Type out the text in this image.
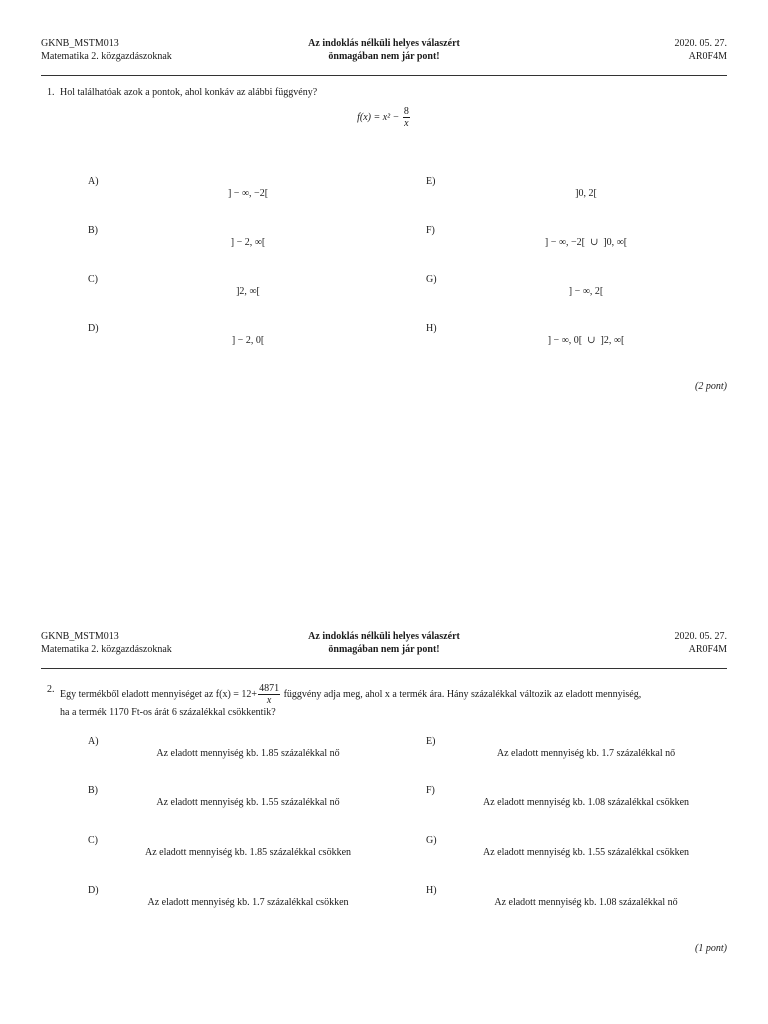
GKNB_MSTM013
Matematika 2. közgazdászoknak
Az indoklás nélküli helyes válaszért
önmagában nem jár pont!
2020. 05. 27.
AR0F4M
1. Hol találhatóak azok a pontok, ahol konkáv az alábbi függvény?
$f(x) = x^2 - \frac{8}{x}$
A)
] − ∞, −2[
B)
] − 2, ∞[
C)
]2, ∞[
D)
] − 2, 0[
E)
]0, 2[
F)
] − ∞, −2[  ∪  ]0, ∞[
G)
] − ∞, 2[
H)
] − ∞, 0[  ∪  ]2, ∞[
(2 pont)
GKNB_MSTM013
Matematika 2. közgazdászoknak
Az indoklás nélküli helyes válaszért
önmagában nem jár pont!
2020. 05. 27.
AR0F4M
2. Egy termékből eladott mennyiséget az $f(x) = 12+ \frac{4871}{x}$ függvény adja meg, ahol x a termék ára. Hány százalékkal változik az eladott mennyiség,
ha a termék 1170 Ft-os árát 6 százalékkal csökkentik?
A)
Az eladott mennyiség kb. 1.85 százalékkal nő
B)
Az eladott mennyiség kb. 1.55 százalékkal nő
C)
Az eladott mennyiség kb. 1.85 százalékkal csökken
D)
Az eladott mennyiség kb. 1.7 százalékkal csökken
E)
Az eladott mennyiség kb. 1.7 százalékkal nő
F)
Az eladott mennyiség kb. 1.08 százalékkal csökken
G)
Az eladott mennyiség kb. 1.55 százalékkal csökken
H)
Az eladott mennyiség kb. 1.08 százalékkal nő
(1 pont)
